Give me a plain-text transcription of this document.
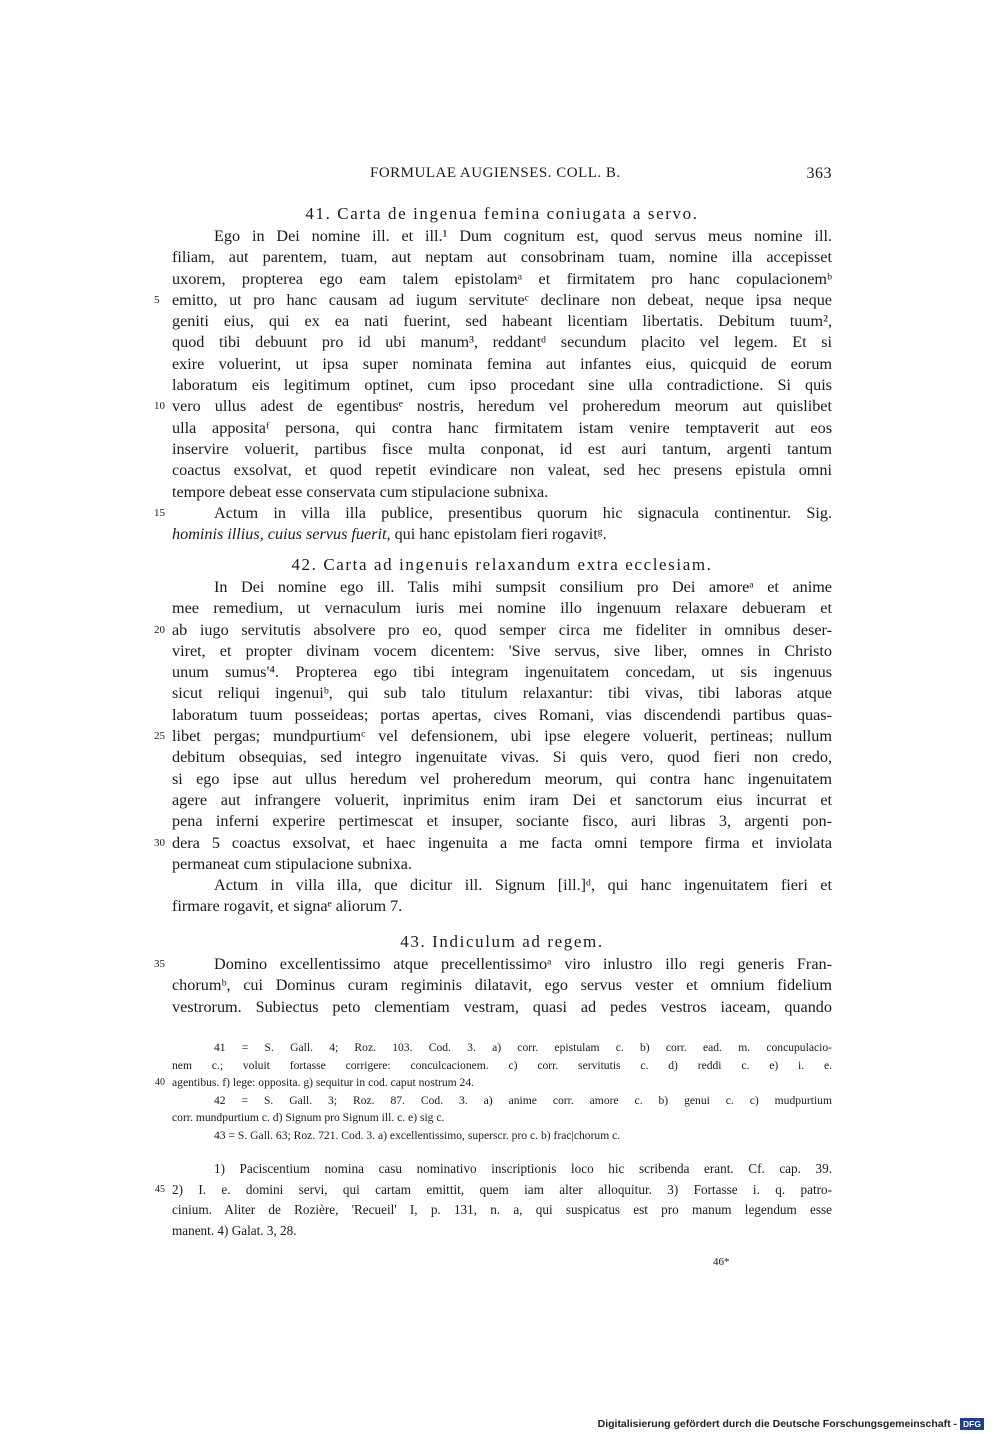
FORMULAE AUGIENSES. COLL. B.	363
41. Carta de ingenua femina coniugata a servo.
Ego in Dei nomine ill. et ill.¹ Dum cognitum est, quod servus meus nomine ill.
filiam, aut parentem, tuam, aut neptam aut consobrinam tuam, nomine illa accepisset
uxorem, propterea ego eam talem epistolamᵃ et firmitatem pro hanc copulacionemᵇ
5 emitto, ut pro hanc causam ad iugum servituteᶜ declinare non debeat, neque ipsa neque
geniti eius, qui ex ea nati fuerint, sed habeant licentiam libertatis. Debitum tuum²,
quod tibi debuunt pro id ubi manum³, reddantᵈ secundum placito vel legem. Et si
exire voluerint, ut ipsa super nominata femina aut infantes eius, quicquid de eorum
laboratum eis legitimum optinet, cum ipso procedant sine ulla contradictione. Si quis
10 vero ullus adest de egentibusᵉ nostris, heredum vel proheredum meorum aut quislibet
ulla appositaᶠ persona, qui contra hanc firmitatem istam venire temptaverit aut eos
inservire voluerit, partibus fisce multa conponat, id est auri tantum, argenti tantum
coactus exsolvat, et quod repetit evindicare non valeat, sed hec presens epistula omni
tempore debeat esse conservata cum stipulacione subnixa.
15	Actum in villa illa publice, presentibus quorum hic signacula continentur. Sig.
hominis illius, cuius servus fuerit, qui hanc epistolam fieri rogavitᵍ.
42. Carta ad ingenuis relaxandum extra ecclesiam.
In Dei nomine ego ill. Talis mihi sumpsit consilium pro Dei amoreᵃ et anime
mee remedium, ut vernaculum iuris mei nomine illo ingenuum relaxare debueram et
20 ab iugo servitutis absolvere pro eo, quod semper circa me fideliter in omnibus deser-
viret, et propter divinam vocem dicentem: 'Sive servus, sive liber, omnes in Christo
unum sumus'⁴. Propterea ego tibi integram ingenuitatem concedam, ut sis ingenuus
sicut reliqui ingenuiᵇ, qui sub talo titulum relaxantur: tibi vivas, tibi laboras atque
laboratum tuum posseideas; portas apertas, cives Romani, vias discendendi partibus quas-
25 libet pergas; mundpurtiumᶜ vel defensionem, ubi ipse elegere voluerit, pertineas; nullum
debitum obsequias, sed integro ingenuitate vivas. Si quis vero, quod fieri non credo,
si ego ipse aut ullus heredum vel proheredum meorum, qui contra hanc ingenuitatem
agere aut infrangere voluerit, inprimitus enim iram Dei et sanctorum eius incurrat et
pena inferni experire pertimescat et insuper, sociante fisco, auri libras 3, argenti pon-
30 dera 5 coactus exsolvat, et haec ingenuita a me facta omni tempore firma et inviolata
permaneat cum stipulacione subnixa.
Actum in villa illa, que dicitur ill. Signum [ill.]ᵈ, qui hanc ingenuitatem fieri et
firmare rogavit, et signaᵉ aliorum 7.
43. Indiculum ad regem.
35	Domino excellentissimo atque precellentissimoᵃ viro inlustro illo regi generis Fran-
chorumᵇ, cui Dominus curam regiminis dilatavit, ego servus vester et omnium fidelium
vestrorum. Subiectus peto clementiam vestram, quasi ad pedes vestros iaceam, quando
41 = S. Gall. 4; Roz. 103. Cod. 3. a) corr. epistulam c. b) corr. ead. m. concupulacio-
nem c.; voluit fortasse corrigere: conculcacionem. c) corr. servitutis c. d) reddi c. e) i. e.
40 agentibus. f) lege: opposita. g) sequitur in cod. caput nostrum 24.
42 = S. Gall. 3; Roz. 87. Cod. 3. a) anime corr. amore c. b) genui c. c) mudpurtium
corr. mundpurtium c. d) Signum pro Signum ill. c. e) sig c.
43 = S. Gall. 63; Roz. 721. Cod. 3. a) excellentissimo, superscr. pro c. b) frac|chorum c.
1) Paciscentium nomina casu nominativo inscriptionis loco hic scribenda erant. Cf. cap. 39.
45 2) I. e. domini servi, qui cartam emittit, quem iam alter alloquitur. 3) Fortasse i. q. patro-
cinium. Aliter de Rozière, 'Recueil' I, p. 131, n. a, qui suspicatus est pro manum legendum esse
manent. 4) Galat. 3, 28.
46*
Digitalisierung gefördert durch die Deutsche Forschungsgemeinschaft - DFG
